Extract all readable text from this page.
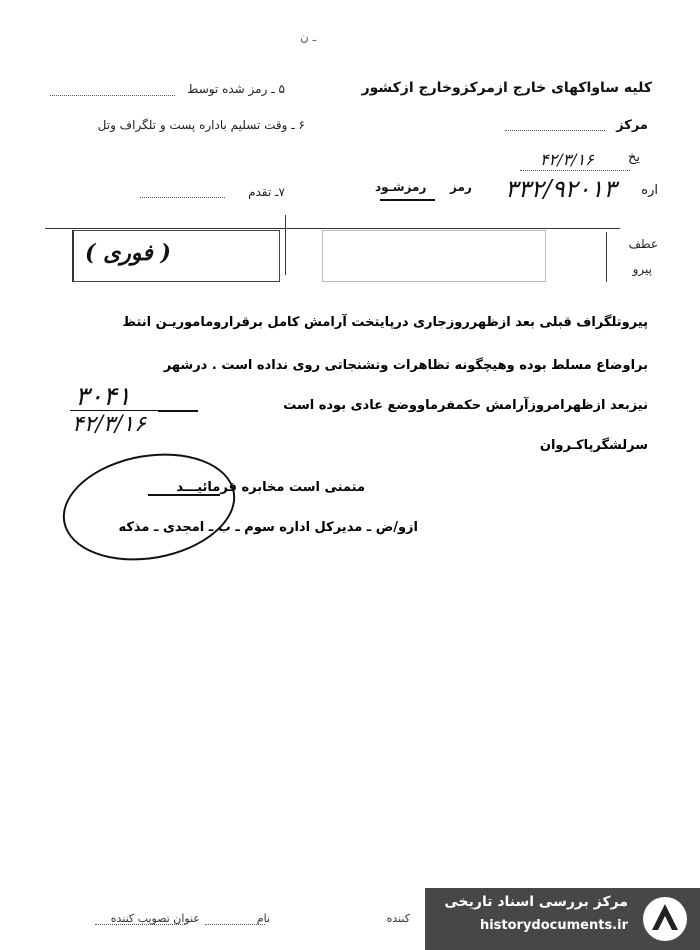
ـ ن
کلیه ساواکهای خارج ازمرکزوخارج ازکشور
مرکز
یخ
۴۲/۳/۱۶
اره
۳۳۲/۹۲۰۱۳
۵ ـ رمز شده توسط
۶ ـ وقت تسلیم باداره پست و تلگراف وتل
۷ـ تقدم	رمزشـود رمز
عطف
پیرو
( فوری )
پیروتلگراف قبلی بعد ازظهرروزجاری درپایتخت آرامش کامل برقراروماموریـن انتظ
براوضاع مسلط بوده وهیچگونه تظاهرات وتشنجاتی روی نداده است . درشهر
نیزبعد ازظهرامروزآرامش حکمفرماووضع عادی بوده است
۳۰۴۱
۴۲/۳/۱۶
سرلشگرپاکـروان
متمنی است مخابره فرمائیـــد
ازو/ض ـ مدیرکل اداره سوم ـ ب ـ امجدی ـ مذکه
عنوان تصویب کننده	نام	کننده
مرکز بررسی اسناد تاریخی
historydocuments.ir
